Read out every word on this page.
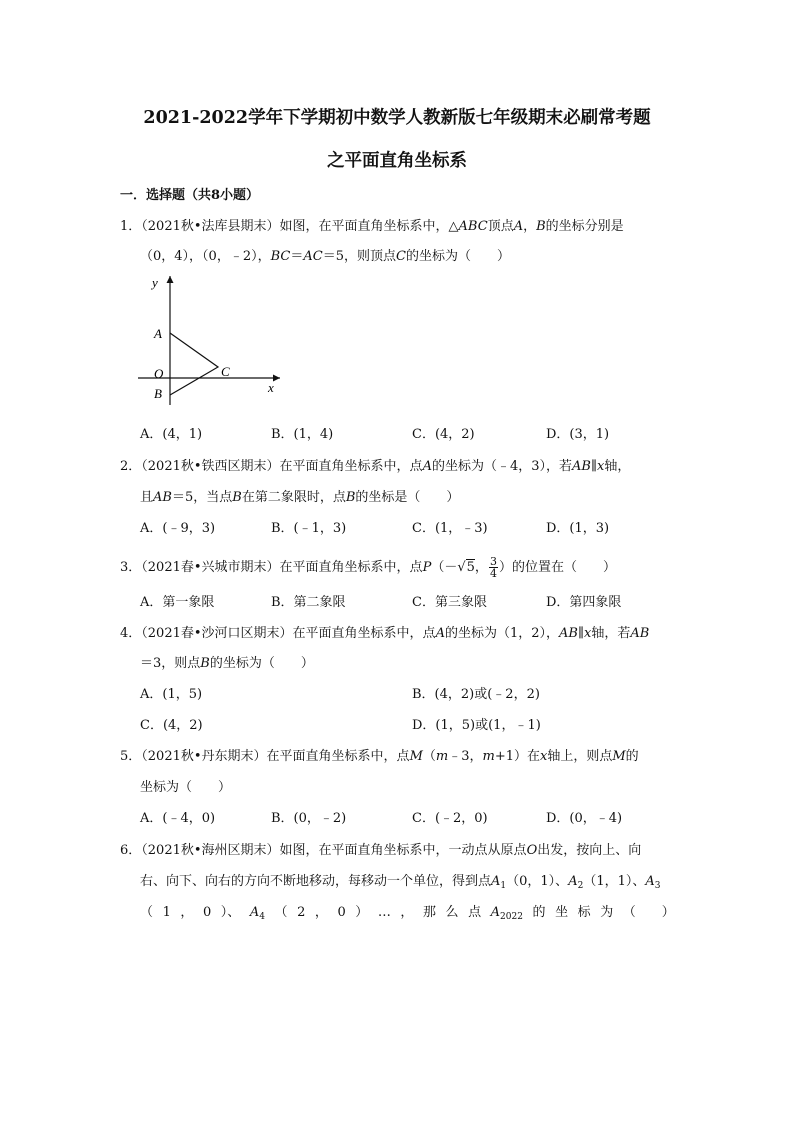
2021-2022学年下学期初中数学人教新版七年级期末必刷常考题
之平面直角坐标系
一．选择题（共8小题）
1．（2021秋•法库县期末）如图，在平面直角坐标系中，△ABC顶点A，B的坐标分别是
（0，4），（0，﹣2），BC＝AC＝5，则顶点C的坐标为（　　）
y
x
A
O
B
C
A．(4，1)	B．(1，4)	C．(4，2)	D．(3，1)
2．（2021秋•铁西区期末）在平面直角坐标系中，点A的坐标为（﹣4，3），若AB∥x轴，
且AB＝5，当点B在第二象限时，点B的坐标是（　　）
A．(﹣9，3)	B．(﹣1，3)	C．(1，﹣3)	D．(1，3)
3．（2021春•兴城市期末）在平面直角坐标系中，点P（－√5， $\frac{3}{4}$ ）的位置在（　　）
A．第一象限	B．第二象限	C．第三象限	D．第四象限
4．（2021春•沙河口区期末）在平面直角坐标系中，点A的坐标为（1，2），AB∥x轴，若AB
＝3，则点B的坐标为（　　）
A．(1，5)	B．(4，2)或(﹣2，2)
C．(4，2)	D．(1，5)或(1，﹣1)
5．（2021秋•丹东期末）在平面直角坐标系中，点M（m﹣3，m+1）在x轴上，则点M的
坐标为（　　）
A．(﹣4，0)	B．(0，﹣2)	C．(﹣2，0)	D．(0，﹣4)
6．（2021秋•海州区期末）如图，在平面直角坐标系中，一动点从原点O出发，按向上、向
右、向下、向右的方向不断地移动，每移动一个单位，得到点$A_1(0$，1）、$A_2(1$，1）、$A_3$
（ 1 ， 0 ）、 $A_4$ （ 2 ， 0 ） … ， 那 么 点 $A_{2022}$ 的 坐 标 为 （　　）
